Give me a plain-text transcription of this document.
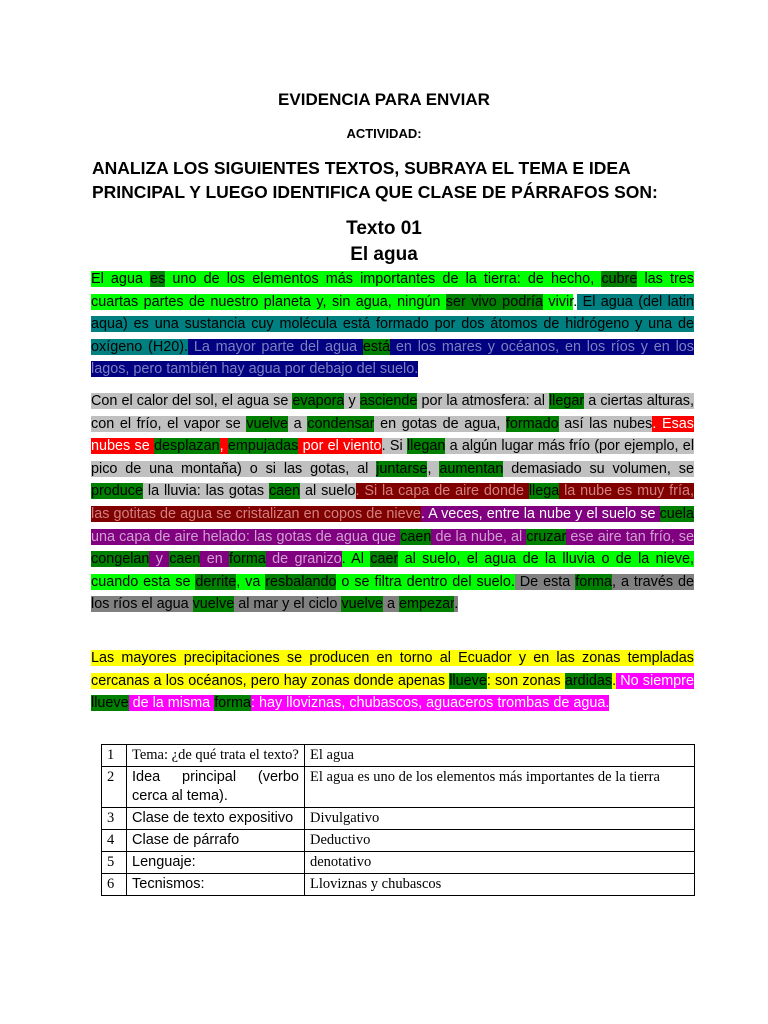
EVIDENCIA PARA ENVIAR
ACTIVIDAD:
ANALIZA LOS SIGUIENTES TEXTOS, SUBRAYA EL TEMA E IDEA PRINCIPAL Y LUEGO IDENTIFICA QUE CLASE DE PÁRRAFOS SON:
Texto 01
El agua
El agua es uno de los elementos más importantes de la tierra: de hecho, cubre las tres cuartas partes de nuestro planeta y, sin agua, ningún ser vivo podría vivir. El agua (del latin aqua) es una sustancia cuy molécula está formado por dos átomos de hidrógeno y una de oxígeno (H20). La mayor parte del agua está en los mares y océanos, en los ríos y en los lagos, pero también hay agua por debajo del suelo.
Con el calor del sol, el agua se evapora y asciende por la atmosfera: al llegar a ciertas alturas, con el frío, el vapor se vuelve a condensar en gotas de agua, formado así las nubes. Esas nubes se desplazan, empujadas por el viento. Si llegan a algún lugar más frío (por ejemplo, el pico de una montaña) o si las gotas, al juntarse, aumentan demasiado su volumen, se produce la lluvia: las gotas caen al suelo. Si la capa de aire donde llega la nube es muy fría, las gotitas de agua se cristalizan en copos de nieve. A veces, entre la nube y el suelo se cuela una capa de aire helado: las gotas de agua que caen de la nube, al cruzar ese aire tan frío, se congelan y caen en forma de granizo. Al caer al suelo, el agua de la lluvia o de la nieve, cuando esta se derrite, va resbalando o se filtra dentro del suelo. De esta forma, a través de los ríos el agua vuelve al mar y el ciclo vuelve a empezar.
Las mayores precipitaciones se producen en torno al Ecuador y en las zonas templadas cercanas a los océanos, pero hay zonas donde apenas llueve: son zonas ardidas. No siempre llueve de la misma forma: hay lloviznas, chubascos, aguaceros trombas de agua.
1	Tema: ¿de qué trata el texto?	El agua
2	Idea principal (verbo cerca al tema).	El agua es uno de los elementos más importantes de la tierra
3	Clase de texto expositivo	Divulgativo
4	Clase de párrafo	Deductivo
5	Lenguaje:	denotativo
6	Tecnismos:	Lloviznas y chubascos
